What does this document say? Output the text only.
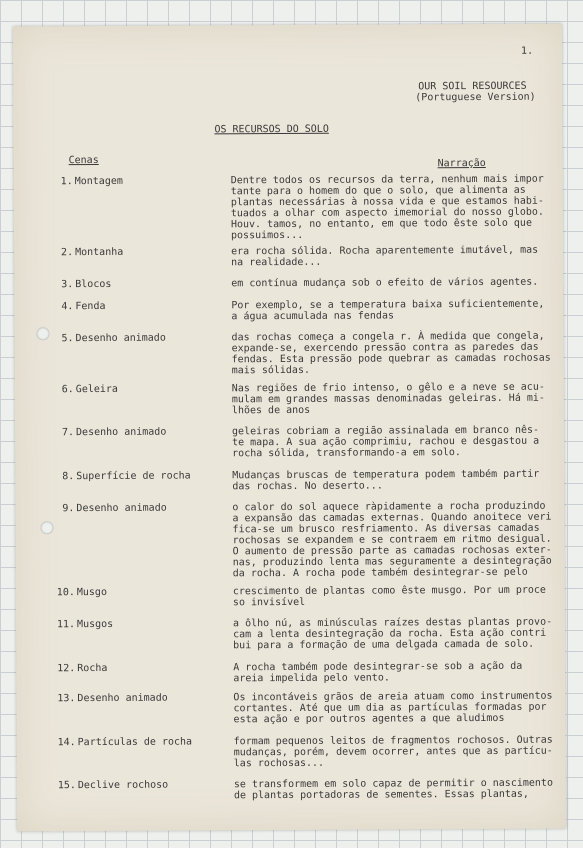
1.
OUR SOIL RESOURCES
(Portuguese Version)
OS RECURSOS DO SOLO
Cenas	Narração
1. Montagem	Dentre todos os recursos da terra, nenhum mais impor
tante para o homem do que o solo, que alimenta as
plantas necessárias à nossa vida e que estamos habi-
tuados a olhar com aspecto imemorial do nosso globo.
Houv. tamos, no entanto, em que todo êste solo que
possuimos...
2. Montanha	era rocha sólida. Rocha aparentemente imutável, mas
na realidade...
3. Blocos	em contínua mudança sob o efeito de vários agentes.
4. Fenda	Por exemplo, se a temperatura baixa suficientemente,
a água acumulada nas fendas
5. Desenho animado	das rochas começa a congela r. À medida que congela,
expande-se, exercendo pressão contra as paredes das
fendas. Esta pressão pode quebrar as camadas rochosas
mais sólidas.
6. Geleira	Nas regiões de frio intenso, o gêlo e a neve se acu-
mulam em grandes massas denominadas geleiras. Há mi-
lhões de anos
7. Desenho animado	geleiras cobriam a região assinalada em branco nês-
te mapa. A sua ação comprimiu, rachou e desgastou a
rocha sólida, transformando-a em solo.
8. Superfície de rocha	Mudanças bruscas de temperatura podem também partir
das rochas. No deserto...
9. Desenho animado	o calor do sol aquece ràpidamente a rocha produzindo
a expansão das camadas externas. Quando anoitece veri
fica-se um brusco resfriamento. As diversas camadas
rochosas se expandem e se contraem em ritmo desigual.
O aumento de pressão parte as camadas rochosas exter-
nas, produzindo lenta mas seguramente a desintegração
da rocha. A rocha pode também desintegrar-se pelo
10. Musgo	crescimento de plantas como êste musgo. Por um proce
so invisível
11. Musgos	a ôlho nú, as minúsculas raízes destas plantas provo-
cam a lenta desintegração da rocha. Esta ação contri
bui para a formação de uma delgada camada de solo.
12. Rocha	A rocha também pode desintegrar-se sob a ação da
areia impelida pelo vento.
13. Desenho animado	Os incontáveis grãos de areia atuam como instrumentos
cortantes. Até que um dia as partículas formadas por
esta ação e por outros agentes a que aludimos
14. Partículas de rocha	formam pequenos leitos de fragmentos rochosos. Outras
mudanças, porém, devem ocorrer, antes que as partícu-
las rochosas...
15. Declive rochoso	se transformem em solo capaz de permitir o nascimento
de plantas portadoras de sementes. Essas plantas,
